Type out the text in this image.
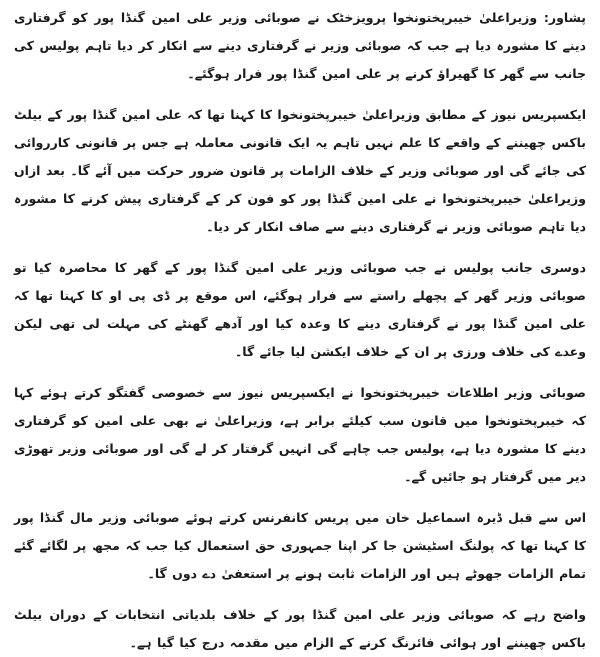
پشاور: وزیراعلیٰ خیبرپختونخوا پرویزخٹک نے صوبائی وزیر علی امین گنڈا پور کو گرفتاری دینے کا مشورہ دیا ہے جب کہ صوبائی وزیر نے گرفتاری دینے سے انکار کر دیا تاہم پولیس کی جانب سے گھر کا گھیراؤ کرنے پر علی امین گنڈا پور فرار ہوگئے۔

ایکسپریس نیوز کے مطابق وزیراعلیٰ خیبرپختونخوا کا کہنا تھا کہ علی امین گنڈا پور کے بیلٹ باکس چھیننے کے واقعے کا علم نہیں تاہم یہ ایک قانونی معاملہ ہے جس پر قانونی کارروائی کی جائے گی اور صوبائی وزیر کے خلاف الزامات پر قانون ضرور حرکت میں آئے گا۔ بعد ازاں وزیراعلیٰ خیبرپختونخوا نے علی امین گنڈا پور کو فون کر کے گرفتاری پیش کرنے کا مشورہ دیا تاہم صوبائی وزیر نے گرفتاری دینے سے صاف انکار کر دیا۔

دوسری جانب پولیس نے جب صوبائی وزیر علی امین گنڈا پور کے گھر کا محاصرہ کیا تو صوبائی وزیر گھر کے پچھلے راستے سے فرار ہوگئے، اس موقع پر ڈی پی او کا کہنا تھا کہ علی امین گنڈا پور نے گرفتاری دینے کا وعدہ کیا اور آدھے گھنٹے کی مہلت لی تھی لیکن وعدے کی خلاف ورزی پر ان کے خلاف ایکشن لیا جائے گا۔

صوبائی وزیر اطلاعات خیبرپختونخوا نے ایکسپریس نیوز سے خصوصی گفتگو کرتے ہوئے کہا کہ خیبرپختونخوا میں قانون سب کیلئے برابر ہے، وزیراعلیٰ نے بھی علی امین کو گرفتاری دینے کا مشورہ دیا ہے، پولیس جب چاہے گی انہیں گرفتار کر لے گی اور صوبائی وزیر تھوڑی دیر میں گرفتار ہو جائیں گے۔

اس سے قبل ڈیرہ اسماعیل خان میں پریس کانفرنس کرتے ہوئے صوبائی وزیر مال گنڈا پور کا کہنا تھا کہ پولنگ اسٹیشن جا کر اپنا جمہوری حق استعمال کیا جب کہ مجھ پر لگائے گئے تمام الزامات جھوٹے ہیں اور الزامات ثابت ہونے پر استعفیٰ دے دوں گا۔

واضح رہے کہ صوبائی وزیر علی امین گنڈا پور کے خلاف بلدیاتی انتخابات کے دوران بیلٹ باکس چھیننے اور ہوائی فائرنگ کرنے کے الزام میں مقدمہ درج کیا گیا ہے۔
